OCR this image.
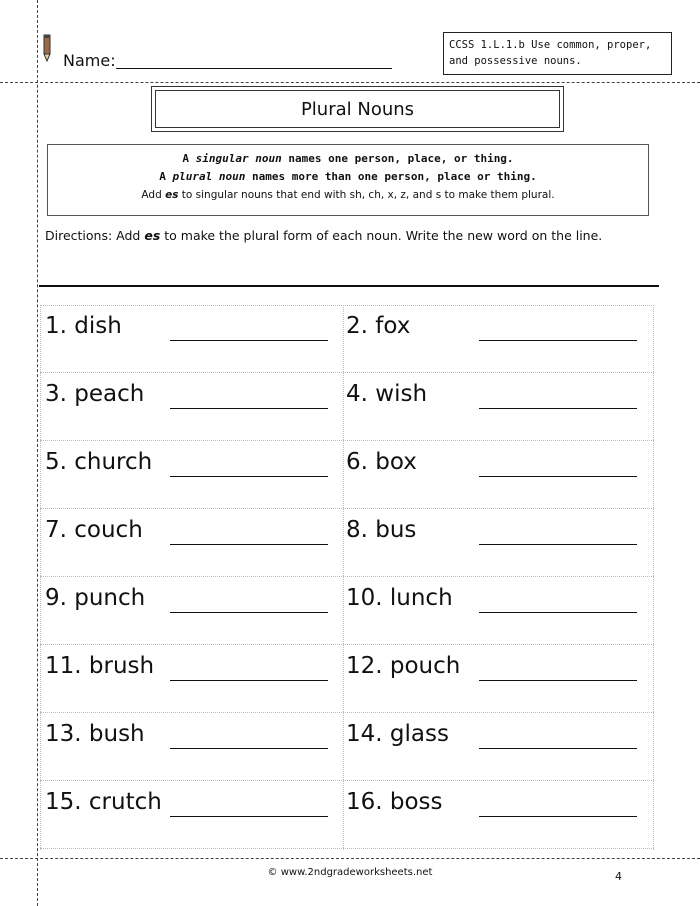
Name:
CCSS 1.L.1.b Use common, proper, and possessive nouns.
Plural Nouns
A singular noun names one person, place, or thing.
A plural noun names more than one person, place or thing.
Add es to singular nouns that end with sh, ch, x, z, and s to make them plural.
Directions: Add es to make the plural form of each noun. Write the new word on the line.
1. dish	2. fox
3. peach	4. wish
5. church	6. box
7. couch	8. bus
9. punch	10. lunch
11. brush	12. pouch
13. bush	14. glass
15. crutch	16. boss
© www.2ndgradeworksheets.net	4
